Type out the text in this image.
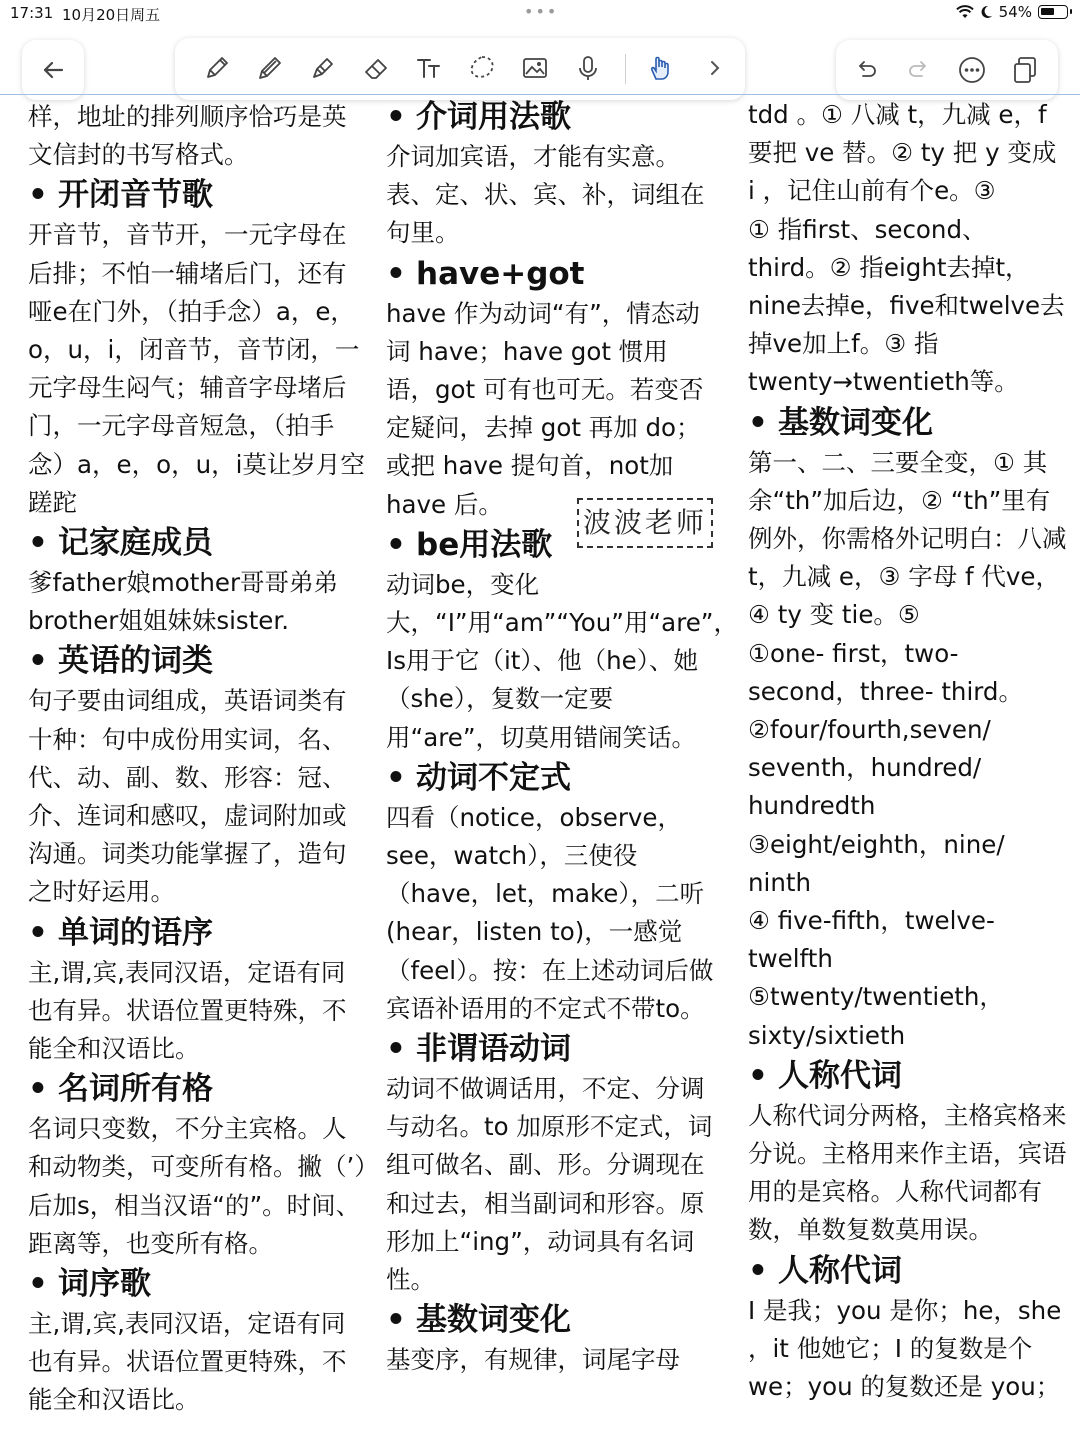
17:31 10月20日周五	•••	54%

样，地址的排列顺序恰巧是英文信封的书写格式。

• 开闭音节歌

开音节，音节开，一元字母在后排；不怕一辅堵后门，还有哑e在门外，（拍手念）a，e，o，u，i，闭音节，音节闭，一元字母生闷气；辅音字母堵后门，一元字母音短急，（拍手念）a，e，o，u，i莫让岁月空蹉跎

• 记家庭成员

爹father娘mother哥哥弟弟brother姐姐妹妹sister.

• 英语的词类

句子要由词组成，英语词类有十种：句中成份用实词，名、代、动、副、数、形容：冠、介、连词和感叹，虚词附加或沟通。词类功能掌握了，造句之时好运用。

• 单词的语序

主,谓,宾,表同汉语，定语有同也有异。状语位置更特殊，不能全和汉语比。

• 名词所有格

名词只变数，不分主宾格。人和动物类，可变所有格。撇（’）后加s，相当汉语“的”。时间、距离等，也变所有格。

• 词序歌

主,谓,宾,表同汉语，定语有同也有异。状语位置更特殊，不能全和汉语比。

• 介词用法歌

介词加宾语，才能有实意。表、定、状、宾、补，词组在句里。

• have+got

have 作为动词“有”，情态动词 have；have got 惯用语，got 可有也可无。若变否定疑问，去掉 got 再加 do；或把 have 提句首，not加 have 后。

• be用法歌

动词be，变化大，“I”用“am”“You”用“are”，Is用于它（it）、他（he）、她（she），复数一定要用“are”，切莫用错闹笑话。

• 动词不定式

四看（notice，observe，see，watch），三使役（have，let，make），二听(hear，listen to)，一感觉（feel）。按：在上述动词后做宾语补语用的不定式不带to。

• 非谓语动词

动词不做调话用，不定、分调与动名。to 加原形不定式，词组可做名、副、形。分调现在和过去，相当副词和形容。原形加上“ing”，动词具有名词性。

• 基数词变化

基变序，有规律，词尾字母

tdd 。① 八减 t，九减 e，f 要把 ve 替。② ty 把 y 变成 i ，记住山前有个e。③

① 指first、second、third。② 指eight去掉t，nine去掉e，five和twelve去掉ve加上f。③ 指 twenty→twentieth等。

• 基数词变化

第一、二、三要全变，① 其余“th”加后边，② “th”里有例外，你需格外记明白：八减 t，九减 e，③ 字母 f 代ve，④ ty 变 tie。⑤

①one- first，two- second，three- third。

②four/fourth,seven/ seventh，hundred/ hundredth

③eight/eighth，nine/ ninth

④ five-fifth，twelve- twelfth

⑤twenty/twentieth，sixty/sixtieth

• 人称代词

人称代词分两格，主格宾格来分说。主格用来作主语，宾语用的是宾格。人称代词都有数，单数复数莫用误。

• 人称代词

I 是我；you 是你；he，she ，it 他她它；I 的复数是个 we；you 的复数还是 you；

波波老师
